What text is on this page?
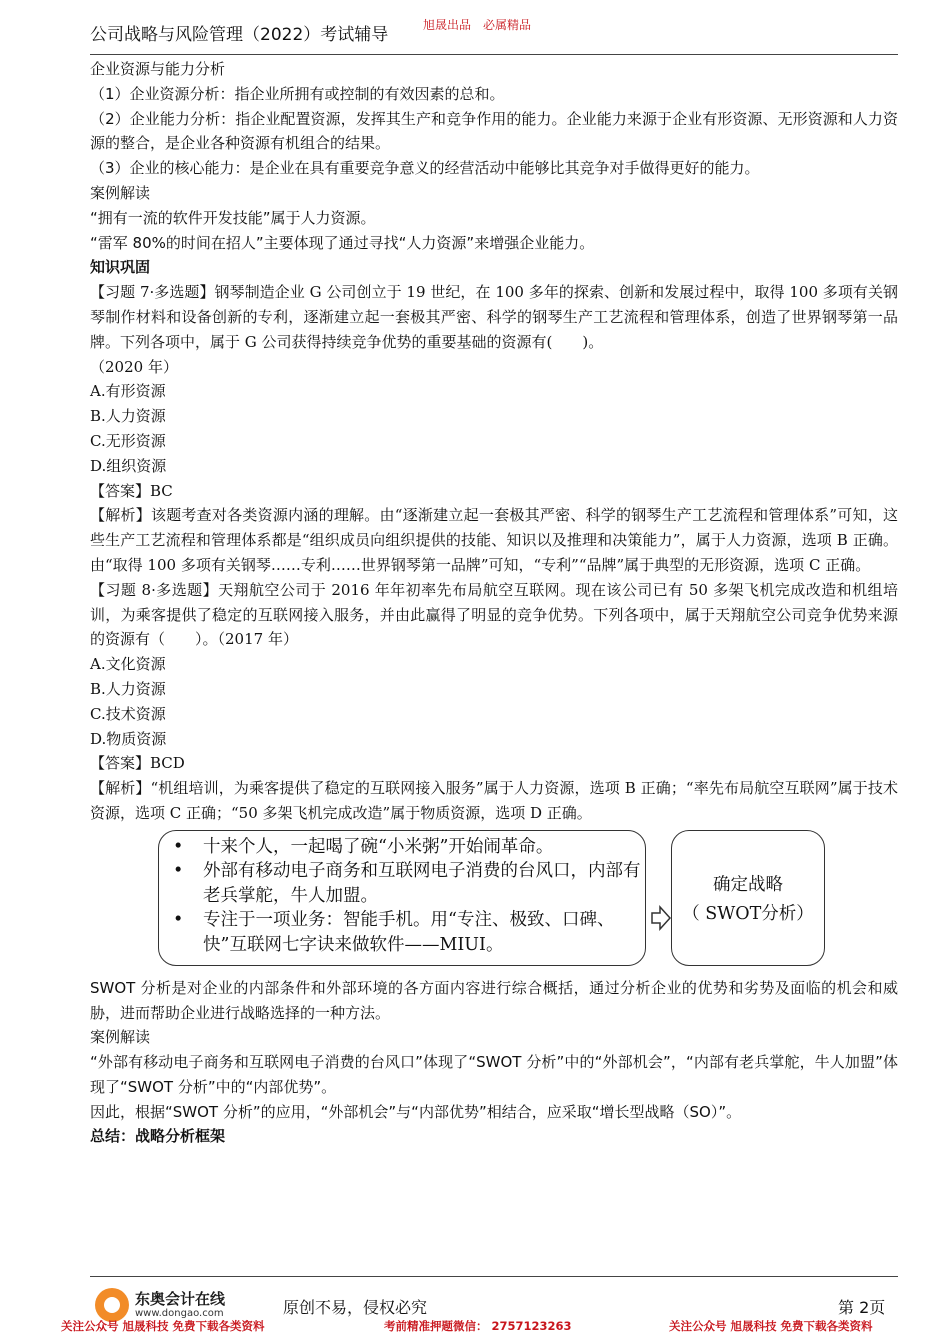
公司战略与风险管理（2022）考试辅导	旭晟出品　必属精品

企业资源与能力分析

（1）企业资源分析：指企业所拥有或控制的有效因素的总和。

（2）企业能力分析：指企业配置资源，发挥其生产和竞争作用的能力。企业能力来源于企业有形资源、无形资源和人力资源的整合，是企业各种资源有机组合的结果。

（3）企业的核心能力：是企业在具有重要竞争意义的经营活动中能够比其竞争对手做得更好的能力。

案例解读

“拥有一流的软件开发技能”属于人力资源。

“雷军 80%的时间在招人”主要体现了通过寻找“人力资源”来增强企业能力。

知识巩固

【习题 7·多选题】钢琴制造企业 G 公司创立于 19 世纪，在 100 多年的探索、创新和发展过程中，取得 100 多项有关钢琴制作材料和设备创新的专利，逐渐建立起一套极其严密、科学的钢琴生产工艺流程和管理体系，创造了世界钢琴第一品牌。下列各项中，属于 G 公司获得持续竞争优势的重要基础的资源有(　　)。

（2020 年）

A.有形资源

B.人力资源

C.无形资源

D.组织资源

【答案】BC

【解析】该题考查对各类资源内涵的理解。由“逐渐建立起一套极其严密、科学的钢琴生产工艺流程和管理体系”可知，这些生产工艺流程和管理体系都是“组织成员向组织提供的技能、知识以及推理和决策能力”，属于人力资源，选项 B 正确。由“取得 100 多项有关钢琴……专利……世界钢琴第一品牌”可知，“专利”“品牌”属于典型的无形资源，选项 C 正确。

【习题 8·多选题】天翔航空公司于 2016 年年初率先布局航空互联网。现在该公司已有 50 多架飞机完成改造和机组培训，为乘客提供了稳定的互联网接入服务，并由此赢得了明显的竞争优势。下列各项中，属于天翔航空公司竞争优势来源的资源有（　　）。（2017 年）

A.文化资源

B.人力资源

C.技术资源

D.物质资源

【答案】BCD

【解析】“机组培训，为乘客提供了稳定的互联网接入服务”属于人力资源，选项 B 正确；“率先布局航空互联网”属于技术资源，选项 C 正确；“50 多架飞机完成改造”属于物质资源，选项 D 正确。

• 十来个人，一起喝了碗“小米粥”开始闹革命。
• 外部有移动电子商务和互联网电子消费的台风口，内部有老兵掌舵，牛人加盟。
• 专注于一项业务：智能手机。用“专注、极致、口碑、快”互联网七字诀来做软件——MIUI。
确定战略
（ SWOT分析）

SWOT 分析是对企业的内部条件和外部环境的各方面内容进行综合概括，通过分析企业的优势和劣势及面临的机会和威胁，进而帮助企业进行战略选择的一种方法。

案例解读

“外部有移动电子商务和互联网电子消费的台风口”体现了“SWOT 分析”中的“外部机会”，“内部有老兵掌舵，牛人加盟”体现了“SWOT 分析”中的“内部优势”。

因此，根据“SWOT 分析”的应用，“外部机会”与“内部优势”相结合，应采取“增长型战略（SO）”。

总结：战略分析框架

东奥会计在线
www.dongao.com	原创不易，侵权必究	第 2页
关注公众号 旭晟科技 免费下载各类资料	考前精准押题微信： 2757123263	关注公众号 旭晟科技 免费下载各类资料
